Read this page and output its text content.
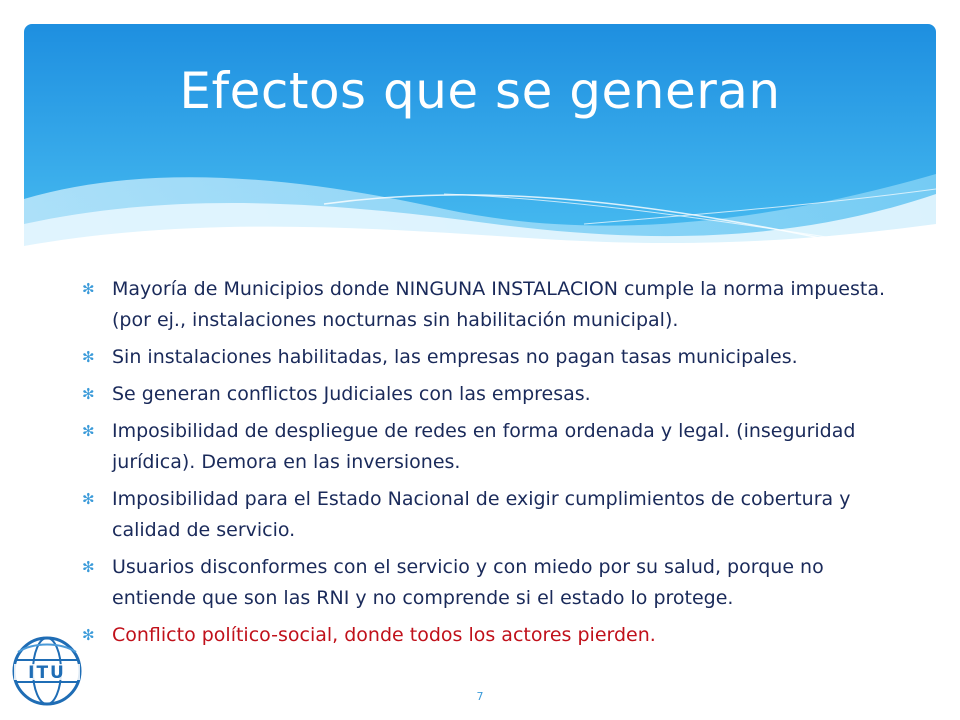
Efectos que se generan
✻ Mayoría de Municipios donde NINGUNA INSTALACION cumple la norma impuesta. (por ej., instalaciones nocturnas sin habilitación municipal).
✻ Sin instalaciones habilitadas, las empresas no pagan tasas municipales.
✻ Se generan conflictos Judiciales con las empresas.
✻ Imposibilidad de despliegue de redes en forma ordenada y legal. (inseguridad jurídica). Demora en las inversiones.
✻ Imposibilidad para el Estado Nacional de exigir cumplimientos de cobertura y calidad de servicio.
✻ Usuarios disconformes con el servicio y con miedo por su salud, porque no entiende que son las RNI y no comprende si el estado lo protege.
✻ Conflicto político-social, donde todos los actores pierden.
ITU
7
